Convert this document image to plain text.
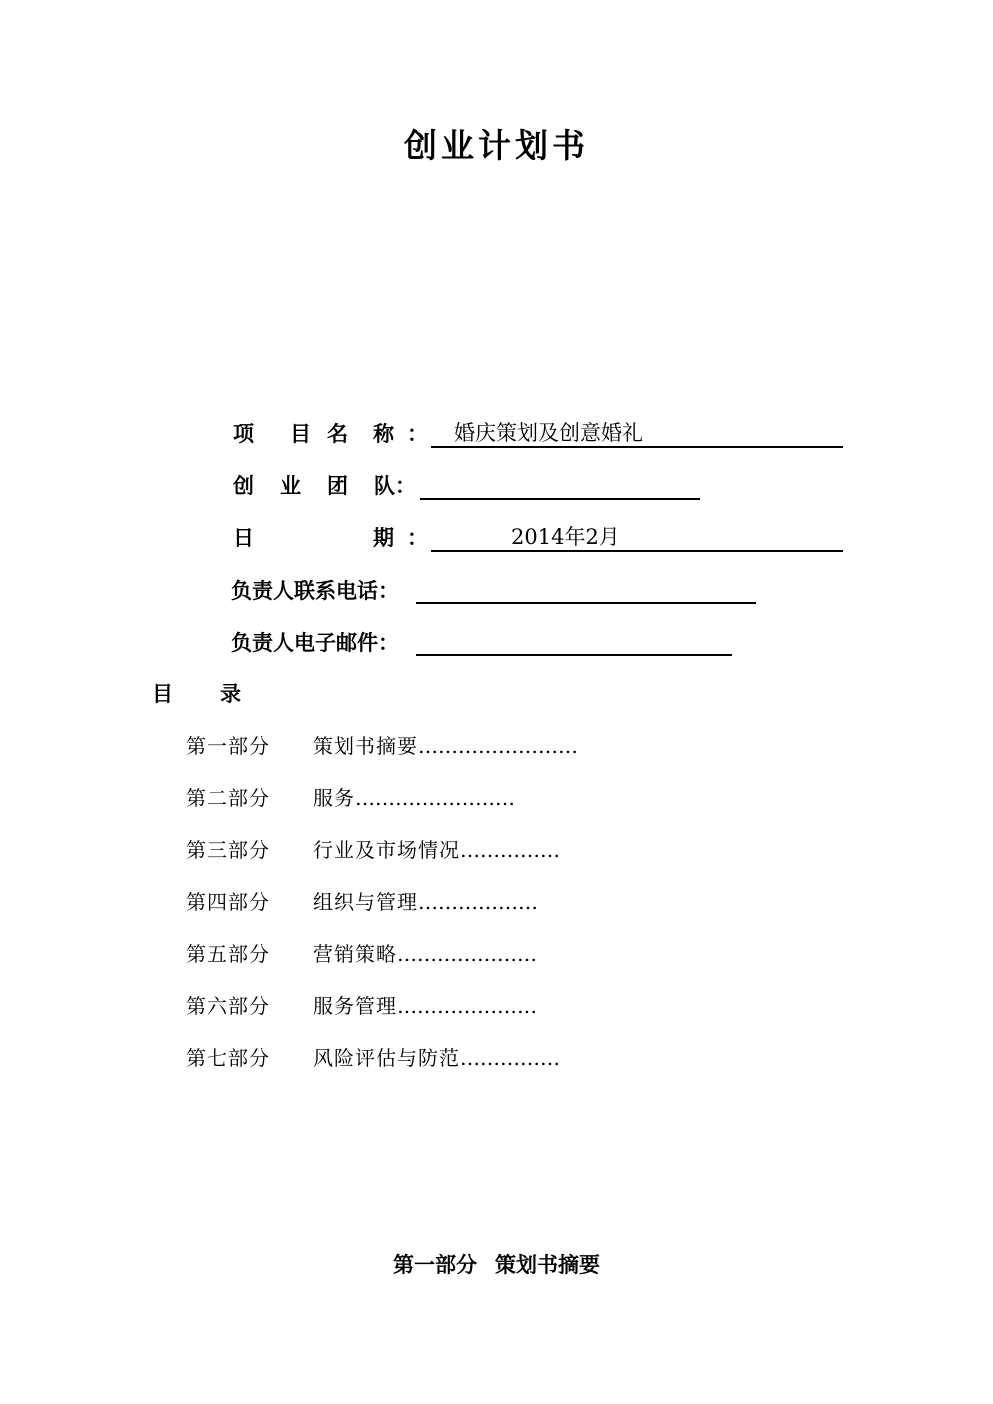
创业计划书
项 目 名 称 ：	婚庆策划及创意婚礼
创 业 团 队：
日	期 ：	2014年2月
负责人联系电话：
负责人电子邮件：
目 录
第一部分	策划书摘要 ……………………
第二部分	服务 ……………………
第三部分	行业及市场情况 ……………
第四部分	组织与管理 ………………
第五部分	营销策略 …………………
第六部分	服务管理 …………………
第七部分	风险评估与防范 ……………
第一部分 策划书摘要
